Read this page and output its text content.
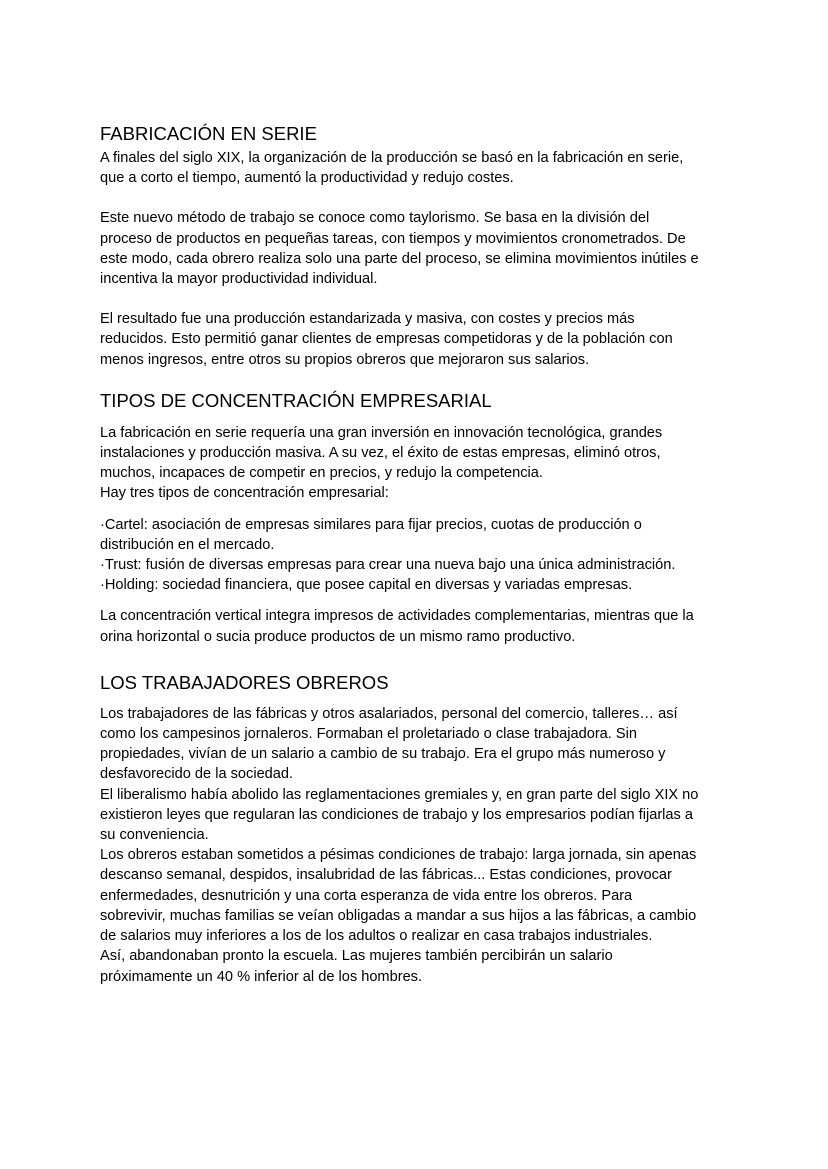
FABRICACIÓN EN SERIE
A finales del siglo XIX, la organización de la producción se basó en la fabricación en serie,
que a corto el tiempo, aumentó la productividad y redujo costes.
Este nuevo método de trabajo se conoce como taylorismo. Se basa en la división del
proceso de productos en pequeñas tareas, con tiempos y movimientos cronometrados. De
este modo, cada obrero realiza solo una parte del proceso, se elimina movimientos inútiles e
incentiva la mayor productividad individual.
El resultado fue una producción estandarizada y masiva, con costes y precios más
reducidos. Esto permitió ganar clientes de empresas competidoras y de la población con
menos ingresos, entre otros su propios obreros que mejoraron sus salarios.
TIPOS DE CONCENTRACIÓN EMPRESARIAL
La fabricación en serie requería una gran inversión en innovación tecnológica, grandes
instalaciones y producción masiva. A su vez, el éxito de estas empresas, eliminó otros,
muchos, incapaces de competir en precios, y redujo la competencia.
Hay tres tipos de concentración empresarial:
·Cartel: asociación de empresas similares para fijar precios, cuotas de producción o
distribución en el mercado.
·Trust: fusión de diversas empresas para crear una nueva bajo una única administración.
·Holding: sociedad financiera, que posee capital en diversas y variadas empresas.
La concentración vertical integra impresos de actividades complementarias, mientras que la
orina horizontal o sucia produce productos de un mismo ramo productivo.
LOS TRABAJADORES OBREROS
Los trabajadores de las fábricas y otros asalariados, personal del comercio, talleres… así
como los campesinos jornaleros. Formaban el proletariado o clase trabajadora. Sin
propiedades, vivían de un salario a cambio de su trabajo. Era el grupo más numeroso y
desfavorecido de la sociedad.
El liberalismo había abolido las reglamentaciones gremiales y, en gran parte del siglo XIX no
existieron leyes que regularan las condiciones de trabajo y los empresarios podían fijarlas a
su conveniencia.
Los obreros estaban sometidos a pésimas condiciones de trabajo: larga jornada, sin apenas
descanso semanal, despidos, insalubridad de las fábricas... Estas condiciones, provocar
enfermedades, desnutrición y una corta esperanza de vida entre los obreros. Para
sobrevivir, muchas familias se veían obligadas a mandar a sus hijos a las fábricas, a cambio
de salarios muy inferiores a los de los adultos o realizar en casa trabajos industriales.
Así, abandonaban pronto la escuela. Las mujeres también percibirán un salario
próximamente un 40 % inferior al de los hombres.
